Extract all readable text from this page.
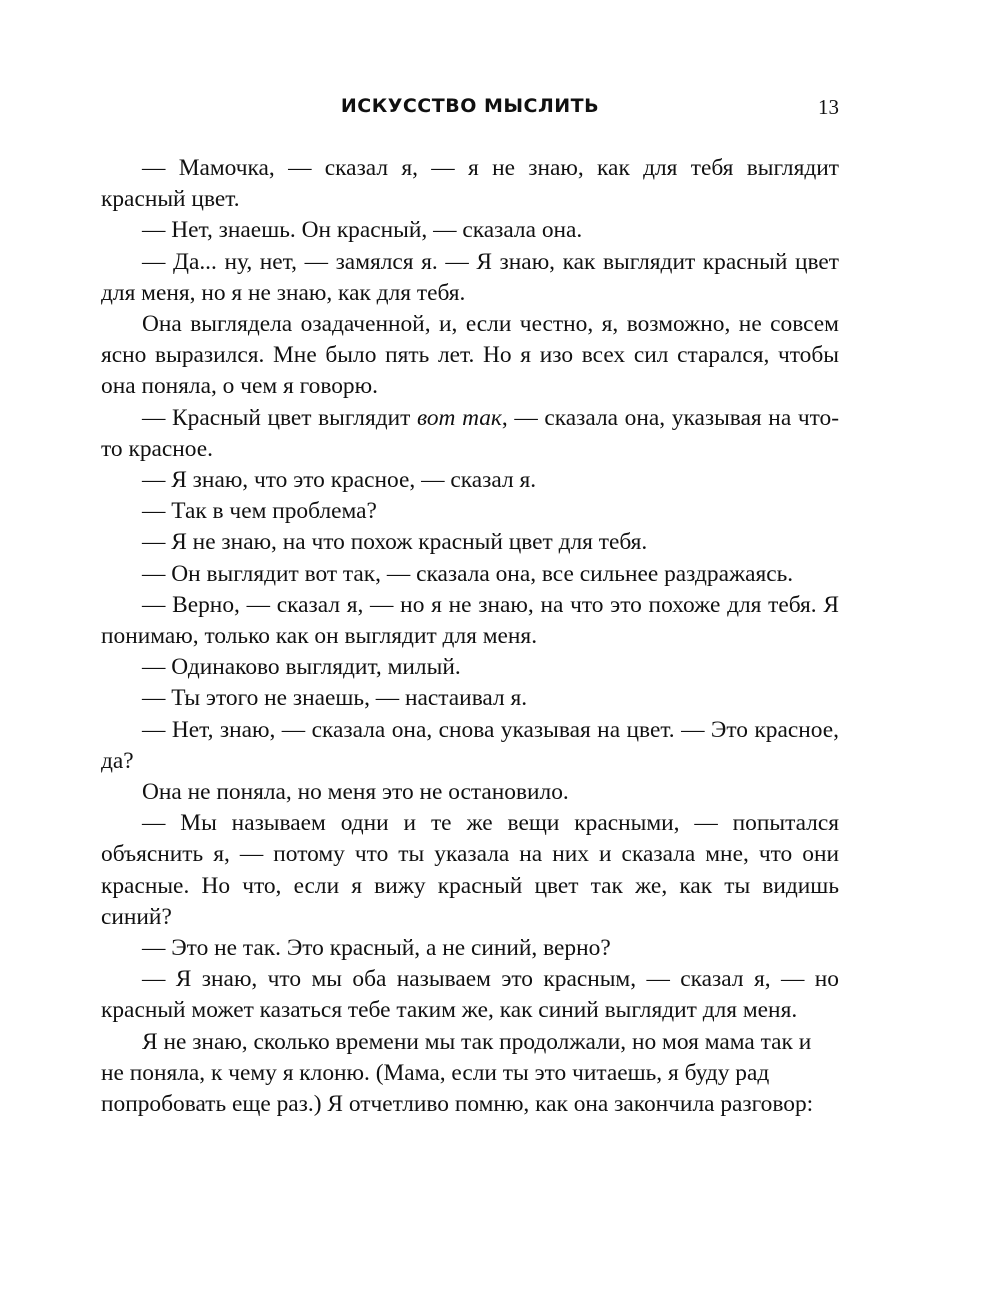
ИСКУССТВО МЫСЛИТЬ	13

— Мамочка, — сказал я, — я не знаю, как для тебя выглядит красный цвет.

— Нет, знаешь. Он красный, — сказала она.

— Да... ну, нет, — замялся я. — Я знаю, как выглядит красный цвет для меня, но я не знаю, как для тебя.

Она выглядела озадаченной, и, если честно, я, возможно, не совсем ясно выразился. Мне было пять лет. Но я изо всех сил старался, чтобы она поняла, о чем я говорю.

— Красный цвет выглядит вот так, — сказала она, указывая на что-то красное.

— Я знаю, что это красное, — сказал я.

— Так в чем проблема?

— Я не знаю, на что похож красный цвет для тебя.

— Он выглядит вот так, — сказала она, все сильнее раздражаясь.

— Верно, — сказал я, — но я не знаю, на что это похоже для тебя. Я понимаю, только как он выглядит для меня.

— Одинаково выглядит, милый.

— Ты этого не знаешь, — настаивал я.

— Нет, знаю, — сказала она, снова указывая на цвет. — Это красное, да?

Она не поняла, но меня это не остановило.

— Мы называем одни и те же вещи красными, — попытался объяснить я, — потому что ты указала на них и сказала мне, что они красные. Но что, если я вижу красный цвет так же, как ты видишь синий?

— Это не так. Это красный, а не синий, верно?

— Я знаю, что мы оба называем это красным, — сказал я, — но красный может казаться тебе таким же, как синий выглядит для меня.

Я не знаю, сколько времени мы так продолжали, но моя мама так и не поняла, к чему я клоню. (Мама, если ты это читаешь, я буду рад попробовать еще раз.) Я отчетливо помню, как она закончила разговор:
